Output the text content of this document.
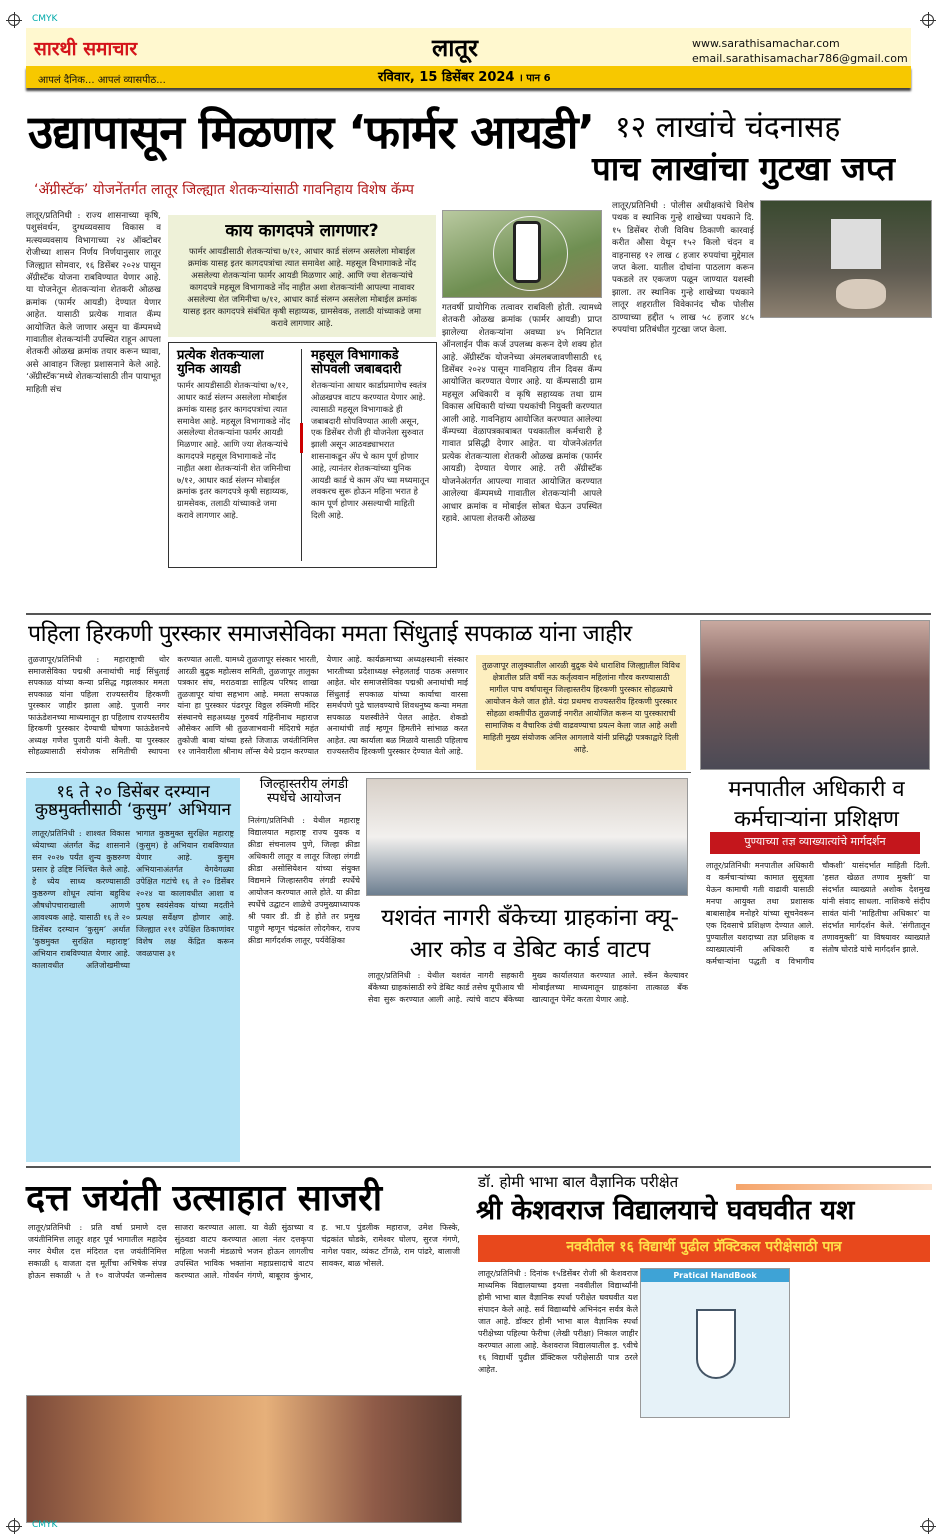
CMYK
सारथी समाचार	लातूर	www.sarathisamachar.com
email.sarathisamachar786@gmail.com
आपलं दैनिक... आपलं व्यासपीठ...	रविवार, 15 डिसेंबर 2024 । पान 6
उद्यापासून मिळणार ‘फार्मर आयडी’
‘अ‍ॅग्रीस्टॅक’ योजनेंतर्गत लातूर जिल्ह्यात शेतकऱ्यांसाठी गावनिहाय विशेष कॅम्प
लातूर/प्रतिनिधी : राज्य शासनाच्या कृषि, पशुसंवर्धन, दुग्धव्यवसाय विकास व मत्स्यव्यवसाय विभागाच्या २४ ऑक्टोबर रोजीच्या शासन निर्णय निर्णयानुसार लातूर जिल्ह्यात सोमवार, १६ डिसेंबर २०२४ पासून अ‍ॅग्रीस्टॅक योजना राबविण्यात येणार आहे. या योजनेतून शेतकऱ्यांना शेतकरी ओळख क्रमांक (फार्मर आयडी) देण्यात येणार आहेत. यासाठी प्रत्येक गावात कॅम्प आयोजित केले जाणार असून या कॅम्पमध्ये गावातील शेतकऱ्यांनी उपस्थित राहून आपला शेतकरी ओळख क्रमांक तयार करून घ्यावा, असे आवाहन जिल्हा प्रशासनाने केले आहे. ‘अ‍ॅग्रीस्टॅक’मध्ये शेतकऱ्यांसाठी तीन पायाभूत माहिती संच
काय कागदपत्रे लागणार?
फार्मर आयडीसाठी शेतकऱ्यांचा ७/१२, आधार कार्ड संलग्न असलेला मोबाईल क्रमांक यासह इतर कागदपत्रांचा त्यात समावेश आहे. महसूल विभागाकडे नोंद असलेल्या शेतकऱ्यांना फार्मर आयडी मिळणार आहे. आणि ज्या शेतकऱ्यांचे कागदपत्रे महसूल विभागाकडे नोंद नाहीत अशा शेतकऱ्यांनी आपल्या नावावर असलेल्या शेत जमिनीचा ७/१२, आधार कार्ड संलग्न असलेला मोबाईल क्रमांक यासह इतर कागदपत्रे संबंधित कृषी सहाय्यक, ग्रामसेवक, तलाठी यांच्याकडे जमा करावे लागणार आहे.
प्रत्येक शेतकऱ्याला युनिक आयडी
फार्मर आयडीसाठी शेतकऱ्यांचा ७/१२, आधार कार्ड संलग्न असलेला मोबाईल क्रमांक यासह इतर कागदपत्रांचा त्यात समावेश आहे. महसूल विभागाकडे नोंद असलेल्या शेतकऱ्यांना फार्मर आयडी मिळणार आहे. आणि ज्या शेतकऱ्यांचे कागदपत्रे महसूल विभागाकडे नोंद नाहीत अशा शेतकऱ्यांनी शेत जमिनीचा ७/१२, आधार कार्ड संलग्न मोबाईल क्रमांक इतर कागदपत्रे कृषी सहाय्यक, ग्रामसेवक, तलाठी यांच्याकडे जमा करावे लागणार आहे.
महसूल विभागाकडे सोपवली जबाबदारी
शेतकऱ्यांना आधार कार्डाप्रमाणेच स्वतंत्र ओळखपत्र वाटप करण्यात येणार आहे. त्यासाठी महसूल विभागाकडे ही जबाबदारी सोपविण्यात आली असून, एक डिसेंबर रोजी ही योजनेला सुरुवात झाली असून आठवड्याभरात शासनाकडून अ‍ॅप चे काम पूर्ण होणार आहे, त्यानंतर शेतकऱ्यांच्या युनिक आयडी कार्ड चे काम अ‍ॅप च्या मध्यमातून लवकरच सुरू होऊन महिना भरात हे काम पूर्ण होणार असल्याची माहिती दिली आहे.
गतवर्षी प्रायोगिक तत्वावर राबविली होती. त्यामध्ये शेतकरी ओळख क्रमांक (फार्मर आयडी) प्राप्त झालेल्या शेतकऱ्यांना अवघ्या ४५ मिनिटात ऑनलाईन पीक कर्ज उपलब्ध करून देणे शक्य होत आहे. अ‍ॅग्रीस्टॅक योजनेच्या अंमलबजावणीसाठी १६ डिसेंबर २०२४ पासून गावनिहाय तीन दिवस कॅम्प आयोजित करण्यात येणार आहे. या कॅम्पसाठी ग्राम महसूल अधिकारी व कृषि सहाय्यक तथा ग्राम विकास अधिकारी यांच्या पथकांची नियुक्ती करण्यात आली आहे. गावनिहाय आयोजित करण्यात आलेल्या कॅम्पच्या वेळापत्रकाबाबत पथकातील कर्मचारी हे गावात प्रसिद्धी देणार आहेत. या योजनेअंतर्गत प्रत्येक शेतकऱ्याला शेतकरी ओळख क्रमांक (फार्मर आयडी) देण्यात येणार आहे. तरी अ‍ॅग्रीस्टॅक योजनेअंतर्गत आपल्या गावात आयोजित करण्यात आलेल्या कॅम्पमध्ये गावातील शेतकऱ्यांनी आपले आधार क्रमांक व मोबाईल सोबत घेऊन उपस्थित रहावे. आपला शेतकरी ओळख
१२ लाखांचे चंदनासह
पाच लाखांचा गुटखा जप्त
लातूर/प्रतिनिधी : पोलीस अधीक्षकांचे विशेष पथक व स्थानिक गुन्हे शाखेच्या पथकाने दि. १५ डिसेंबर रोजी विविध ठिकाणी कारवाई करीत औसा येथून १५२ किलो चंदन व वाहनासह १२ लाख ८ हजार रुपयांचा मुद्देमाल जप्त केला. यातील दोघांना पाठलाग करून पकडले तर एकजण पळून जाण्यात यशस्वी झाला. तर स्थानिक गुन्हे शाखेच्या पथकाने लातूर शहरातील विवेकानंद चौक पोलीस ठाण्याच्या हद्दीत ५ लाख ५८ हजार ४८५ रुपयांचा प्रतिबंधीत गुटखा जप्त केला.
पहिला हिरकणी पुरस्कार समाजसेविका ममता सिंधुताई सपकाळ यांना जाहीर
तुळजापूर/प्रतिनिधी : महाराष्ट्राची थोर समाजसेविका पद्मश्री अनाथांची माई सिंधुताई सपकाळ यांच्या कन्या प्रसिद्ध गझलकार ममता सपकाळ यांना पहिला राज्यस्तरीय हिरकणी पुरस्कार जाहीर झाला आहे. पुजारी नगर फाऊंडेशनच्या माध्यमातून हा पहिलाच राज्यस्तरीय हिरकणी पुरस्कार देण्याची घोषणा फाऊंडेशनचे अध्यक्ष गणेश पुजारी यांनी केली. या पुरस्कार सोहळ्यासाठी संयोजक समितीची स्थापना करण्यात आली. यामध्ये तुळजापूर संस्कार भारती, आरळी बुद्रुक महोत्सव समिती, तुळजापूर तालुका पत्रकार संघ, मराठवाडा साहित्य परिषद शाखा तुळजापूर यांचा सहभाग आहे. ममता सपकाळ यांना हा पुरस्कार पंढरपूर विठ्ठल रुक्मिणी मंदिर संस्थानचे सहअध्यक्ष गुरुवर्य गहिनीनाथ महाराज औसेकर आणि श्री तुळजाभवानी मंदिराचे महंत तुकोजी बाबा यांच्या हस्ते जिजाऊ जयंतीनिमित्त १२ जानेवारीला श्रीनाथ लॉन्स येथे प्रदान करण्यात येणार आहे. कार्यक्रमाच्या अध्यक्षस्थानी संस्कार भारतीच्या प्रदेशाध्यक्ष स्नेहलताई पाठक असणार आहेत. थोर समाजसेविका पद्मश्री अनाथांची माई सिंधुताई सपकाळ यांच्या कार्याचा वारसा समर्थपणे पुढे चालवण्याचे शिवधनुष्य कन्या ममता सपकाळ यशस्वीतेने पेलत आहेत. शेकडो अनाथांची ताई म्हणून हिमतीने सांभाळ करत आहेत. त्या कार्याला बळ मिळावे यासाठी पहिलाच राज्यस्तरीय हिरकणी पुरस्कार देण्यात येतो आहे.
तुळजापूर तालुक्यातील आरळी बुद्रुक येथे धाराशिव जिल्ह्यातील विविध क्षेत्रातील प्रति वर्षी नऊ कर्तृत्ववान महिलांना गौरव करण्यासाठी मागील पाच वर्षापासून जिल्हास्तरीय हिरकणी पुरस्कार सोहळ्याचे आयोजन केले जात होते. यंदा प्रथमच राज्यस्तरीय हिरकणी पुरस्कार सोहळा शक्तीपीठ तुळजाई नगरीत आयोजित करून या पुरस्काराची सामाजिक व वैचारिक उंची वाढवण्याचा प्रयत्न केला जात आहे अशी माहिती मुख्य संयोजक अनिल आगलावे यांनी प्रसिद्धी पत्रकाद्वारे दिली आहे.
१६ ते २० डिसेंबर दरम्यान कुष्ठमुक्तीसाठी ‘कुसुम’ अभियान
लातूर/प्रतिनिधी : शाश्वत विकास ध्येयाच्या अंतर्गत केंद्र शासनाने सन २०२७ पर्यंत शुन्य कुष्ठरुग्ण प्रसार हे उद्दिष्ट निश्चित केले आहे. हे ध्येय साध्य करण्यासाठी कुष्ठरुग्ण शोधून त्यांना बहुविध औषधोपचाराखाली आणणे आवश्यक आहे. यासाठी १६ ते २० डिसेंबर दरम्यान ‘कुसुम’ अर्थात ‘कुष्ठमुक्त सुरक्षित महाराष्ट्र’ अभियान राबविण्यात येणार आहे. कालावधीत अतिजोखमीच्या भागात कुष्ठमुक्त सुरक्षित महाराष्ट्र (कुसुम) हे अभियान राबविण्यात येणार आहे. कुसुम अभियानाअंतर्गत वेगवेगळ्या उपेक्षित गटांचे १६ ते २० डिसेंबर २०२४ या कालावधीत आशा व पुरुष स्वयंसेवक यांच्या मदतीने प्रत्यक्ष सर्वेक्षण होणार आहे. जिल्ह्यात २११ उपेक्षित ठिकाणांवर विशेष लक्ष केंद्रित करून जवळपास ३१
जिल्हास्तरीय लंगडी स्पर्धेचे आयोजन
निलंगा/प्रतिनिधी : येथील महाराष्ट्र विद्यालयात महाराष्ट्र राज्य युवक व क्रीडा संचनालय पुणे, जिल्हा क्रीडा अधिकारी लातूर व लातूर जिल्हा लंगडी क्रीडा असोसियेशन यांच्या संयुक्त विद्यमाने जिल्हास्तरीय लंगडी स्पर्धेचे आयोजन करण्यात आले होते. या क्रीडा स्पर्धेचे उद्घाटन शाळेचे उपमुख्याध्यापक श्री पवार डी. डी हे होते तर प्रमुख पाहुणे म्हणून चंद्रकांत लोदगेकर, राज्य क्रीडा मार्गदर्शक लातूर, पर्यवेक्षिका
यशवंत नागरी बँकेच्या ग्राहकांना क्यू-आर कोड व डेबिट कार्ड वाटप
लातूर/प्रतिनिधी : येथील यशवंत नागरी सहकारी बँकेच्या ग्राहकांसाठी रुपे डेबिट कार्ड तसेच यूपीआय ची सेवा सुरू करण्यात आली आहे. त्यांचे वाटप बँकेच्या मुख्य कार्यालयात करण्यात आले. स्कॅन केल्यावर मोबाईलच्या माध्यमातून ग्राहकांना तात्काळ बँक खात्यातून पेमेंट करता येणार आहे.
मनपातील अधिकारी व कर्मचाऱ्यांना प्रशिक्षण
पुण्याच्या तज्ञ व्याख्यात्यांचे मार्गदर्शन
लातूर/प्रतिनिधीः मनपातील अधिकारी व कर्मचाऱ्यांच्या कामात सुसूत्रता येऊन कामाची गती वाढावी यासाठी मनपा आयुक्त तथा प्रशासक बाबासाहेब मनोहरे यांच्या सूचनेवरून एक दिवसाचे प्रशिक्षण देण्यात आले. पुण्यातील यशदाच्या तज्ञ प्रशिक्षक व व्याख्यात्यांनी अधिकारी व कर्मचाऱ्यांना पद्धती व विभागीय चौकशी’ यासंदर्भात माहिती दिली. ‘हसत खेळत तणाव मुक्ती’ या संदर्भात व्याख्याते अशोक देशमुख यांनी संवाद साधला. नाशिकचे संदीप सावंत यांनी ‘माहितीचा अधिकार’ या संदर्भात मार्गदर्शन केले. ‘संगीतातून तणावमुक्ती’ या विषयावर व्याख्याते संतोष घोराडे यांचे मार्गदर्शन झाले.
दत्त जयंती उत्साहात साजरी
लातूर/प्रतिनिधी : प्रति वर्षा प्रमाणे दत्त जयंतीनिमित्त लातूर शहर पूर्व भागातील महादेव नगर येथील दत्त मंदिरात दत्त जयंतीनिमित्त सकाळी ६ वाजता दत्त मूर्तीचा अभिषेक संपन्न होऊन सकाळी ५ ते १० वाजेपर्यंत जन्मोत्सव साजरा करण्यात आला. या वेळी सुंठाच्या व सुंठवडा वाटप करण्यात आला नंतर दत्तकृपा महिला भजनी मंडळाचे भजन होऊन लागलीच उपस्थित भाविक भक्तांना महाप्रसादाचे वाटप करण्यात आले. गोवर्धन गंगणे, बाबूराव कुंभार, ह. भा.प पुंडलीक महाराज, उमेश फिस्के, चंद्रकांत घोडके, रामेश्वर घोलप, सुरज गंगणे, नागेश पवार, व्यंकट टोंगळे, राम पांढरे, बालाजी सावकर, बाळ भोसले.
डॉ. होमी भाभा बाल वैज्ञानिक परीक्षेत
श्री केशवराज विद्यालयाचे घवघवीत यश
नववीतील १६ विद्यार्थी पुढील प्रॅक्टिकल परीक्षेसाठी पात्र
लातूर/प्रतिनिधी : दिनांक १५डिसेंबर रोजी श्री केशवराज माध्यमिक विद्यालयाच्या इयत्ता नववीतील विद्यार्थ्यांनी होमी भाभा बाल वैज्ञानिक स्पर्धा परीक्षेत घवघवीत यश संपादन केले आहे. सर्व विद्यार्थ्यांचे अभिनंदन सर्वत्र केले जात आहे. डॉक्टर होमी भाभा बाल वैज्ञानिक स्पर्धा परीक्षेच्या पहिल्या फेरीचा (लेखी परीक्षा) निकाल जाहीर करण्यात आला आहे. केशवराज विद्यालयातील इ. ९वीचे १६ विद्यार्थी पुढील प्रॅक्टिकल परीक्षेसाठी पात्र ठरले आहेत.
Pratical HandBook
CMYK
